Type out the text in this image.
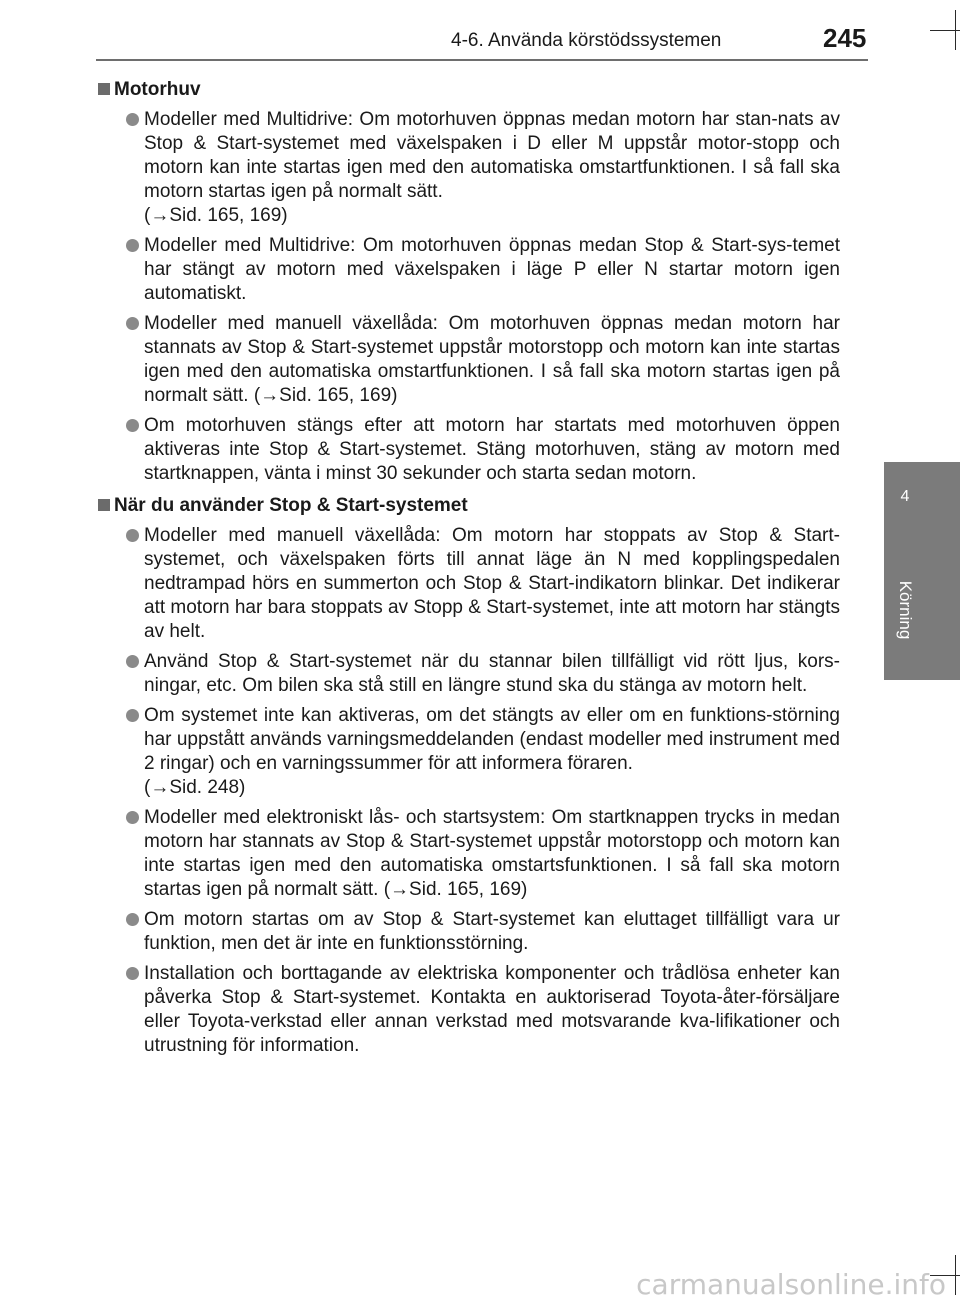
4-6. Använda körstödssystemen	245
4
Körning
Motorhuv
Modeller med Multidrive: Om motorhuven öppnas medan motorn har stan-nats av Stop & Start-systemet med växelspaken i D eller M uppstår motor-stopp och motorn kan inte startas igen med den automatiska omstartfunktionen. I så fall ska motorn startas igen på normalt sätt.
(→Sid. 165, 169)
Modeller med Multidrive: Om motorhuven öppnas medan Stop & Start-sys-temet har stängt av motorn med växelspaken i läge P eller N startar motorn igen automatiskt.
Modeller med manuell växellåda: Om motorhuven öppnas medan motorn har stannats av Stop & Start-systemet uppstår motorstopp och motorn kan inte startas igen med den automatiska omstartfunktionen. I så fall ska motorn startas igen på normalt sätt. (→Sid. 165, 169)
Om motorhuven stängs efter att motorn har startats med motorhuven öppen aktiveras inte Stop & Start-systemet. Stäng motorhuven, stäng av motorn med startknappen, vänta i minst 30 sekunder och starta sedan motorn.
När du använder Stop & Start-systemet
Modeller med manuell växellåda: Om motorn har stoppats av Stop & Start-systemet, och växelspaken förts till annat läge än N med kopplingspedalen nedtrampad hörs en summerton och Stop & Start-indikatorn blinkar. Det indikerar att motorn har bara stoppats av Stopp & Start-systemet, inte att motorn har stängts av helt.
Använd Stop & Start-systemet när du stannar bilen tillfälligt vid rött ljus, kors-ningar, etc. Om bilen ska stå still en längre stund ska du stänga av motorn helt.
Om systemet inte kan aktiveras, om det stängts av eller om en funktions-störning har uppstått används varningsmeddelanden (endast modeller med instrument med 2 ringar) och en varningssummer för att informera föraren.
(→Sid. 248)
Modeller med elektroniskt lås- och startsystem: Om startknappen trycks in medan motorn har stannats av Stop & Start-systemet uppstår motorstopp och motorn kan inte startas igen med den automatiska omstartsfunktionen. I så fall ska motorn startas igen på normalt sätt. (→Sid. 165, 169)
Om motorn startas om av Stop & Start-systemet kan eluttaget tillfälligt vara ur funktion, men det är inte en funktionsstörning.
Installation och borttagande av elektriska komponenter och trådlösa enheter kan påverka Stop & Start-systemet. Kontakta en auktoriserad Toyota-åter-försäljare eller Toyota-verkstad eller annan verkstad med motsvarande kva-lifikationer och utrustning för information.
carmanualsonline.info
